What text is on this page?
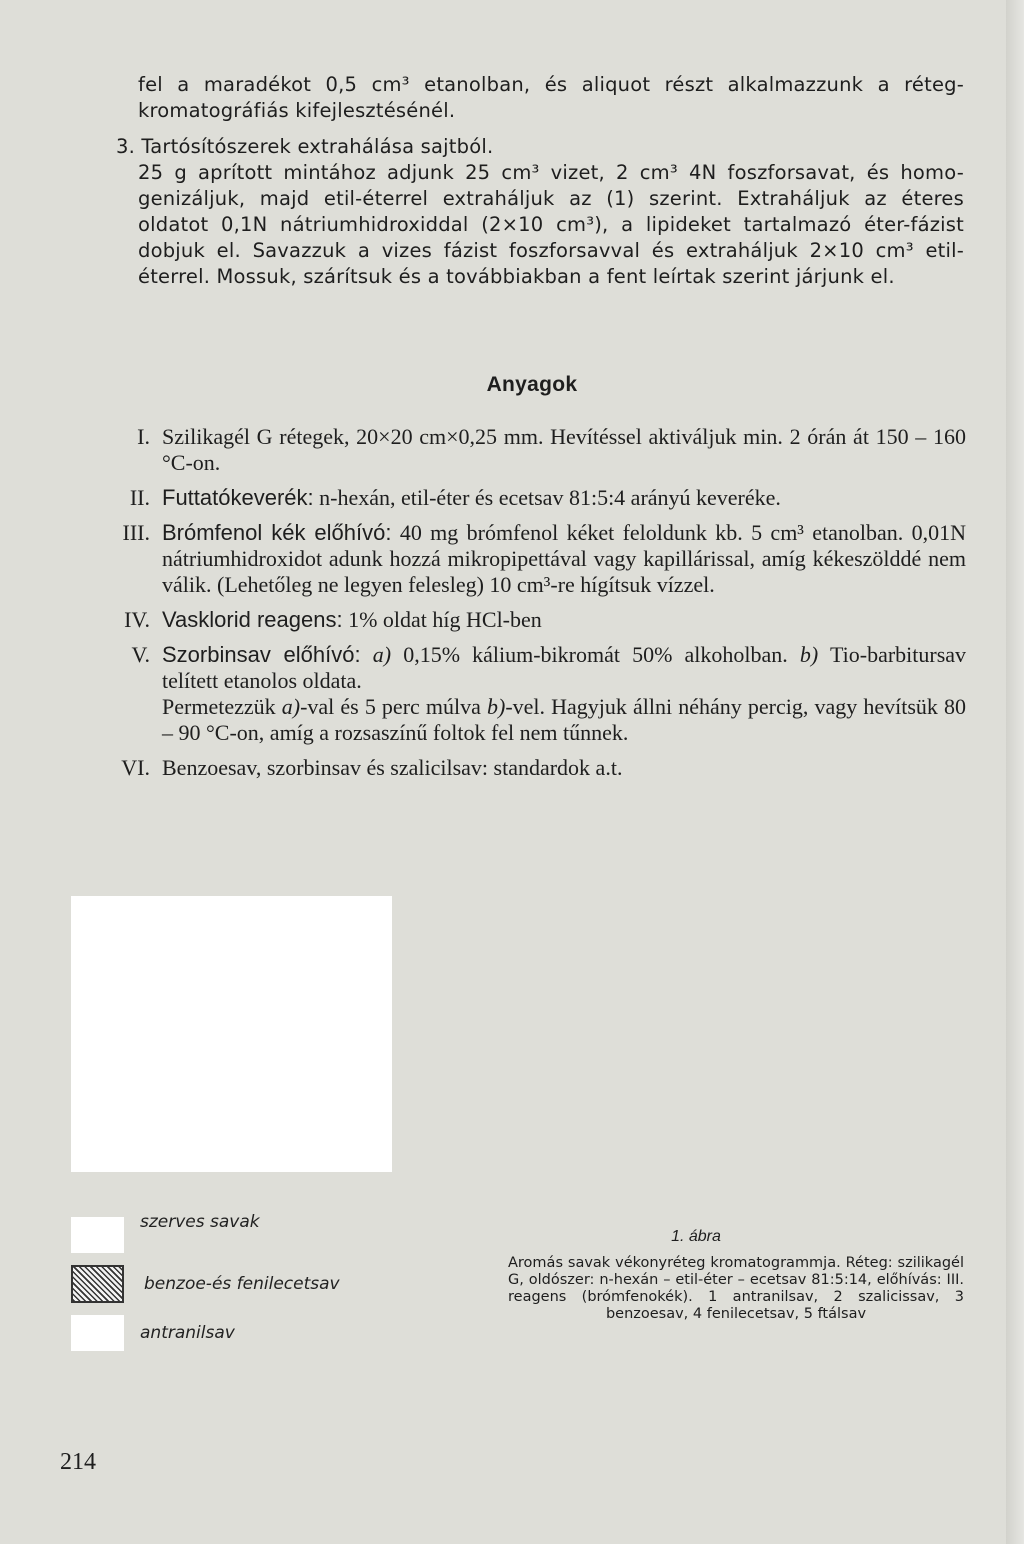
fel a maradékot 0,5 cm³ etanolban, és aliquot részt alkalmazzunk a réteg-kromatográfiás kifejlesztésénél.

3. Tartósítószerek extrahálása sajtból.

25 g aprított mintához adjunk 25 cm³ vizet, 2 cm³ 4N foszforsavat, és homo-genizáljuk, majd etil-éterrel extraháljuk az (1) szerint. Extraháljuk az éteres oldatot 0,1N nátriumhidroxiddal (2×10 cm³), a lipideket tartalmazó éter-fázist dobjuk el. Savazzuk a vizes fázist foszforsavval és extraháljuk 2×10 cm³ etil-éterrel. Mossuk, szárítsuk és a továbbiakban a fent leírtak szerint járjunk el.

Anyagok
I. Szilikagél G rétegek, 20×20 cm×0,25 mm. Hevítéssel aktiváljuk min. 2 órán át 150 – 160 °C-on.
II. Futtatókeverék: n-hexán, etil-éter és ecetsav 81:5:4 arányú keveréke.
III. Brómfenol kék előhívó: 40 mg brómfenol kéket feloldunk kb. 5 cm³ etanolban. 0,01N nátriumhidroxidot adunk hozzá mikropipettával vagy kapillárissal, amíg kékeszölddé nem válik. (Lehetőleg ne legyen felesleg) 10 cm³-re hígítsuk vízzel.
IV. Vasklorid reagens: 1% oldat híg HCl-ben
V. Szorbinsav előhívó: a) 0,15% kálium-bikromát 50% alkoholban. b) Tio-barbitursav telített etanolos oldata.
Permetezzük a)-val és 5 perc múlva b)-vel. Hagyjuk állni néhány percig, vagy hevítsük 80 – 90 °C-on, amíg a rozsaszínű foltok fel nem tűnnek.
VI. Benzoesav, szorbinsav és szalicilsav: standardok a.t.
szerves savak
benzoe-és fenilecetsav
antranilsav
1. ábra
Aromás savak vékonyréteg kromatogrammja. Réteg: szilikagél G, oldószer: n-hexán – etil-éter – ecetsav 81:5:14, előhívás: III. reagens (brómfenokék). 1 antranilsav, 2 szalicissav, 3 benzoesav, 4 fenilecetsav, 5 ftálsav
214
